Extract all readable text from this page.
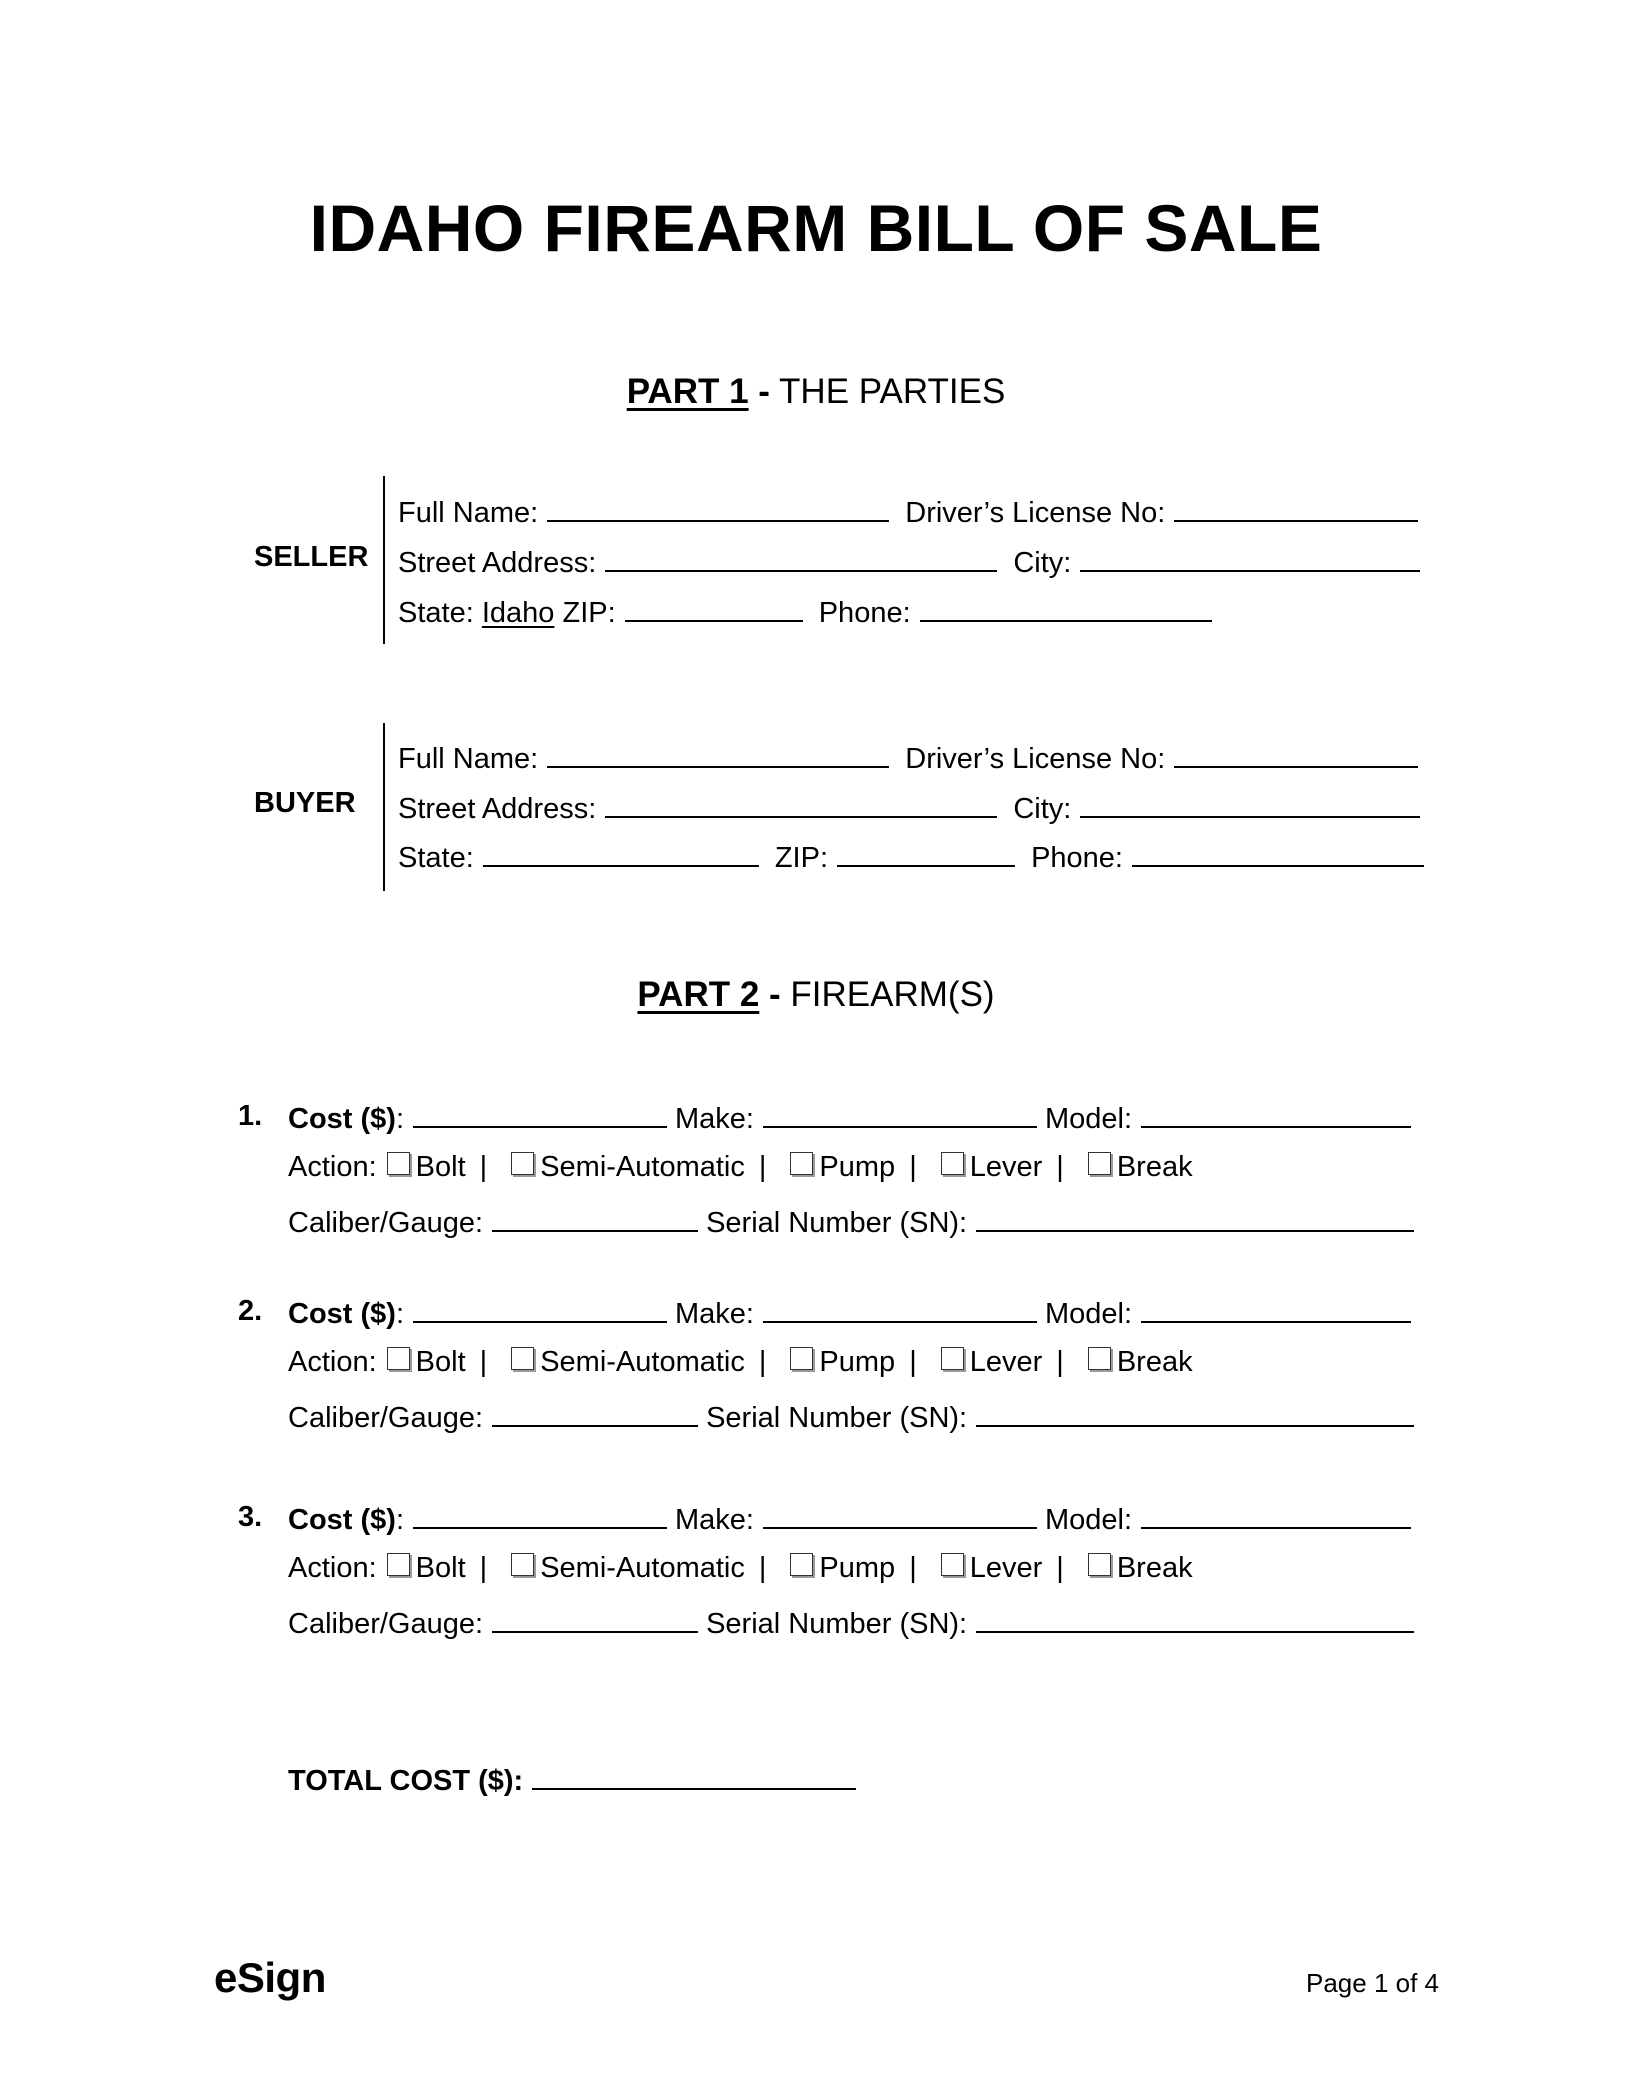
IDAHO FIREARM BILL OF SALE
PART 1 - THE PARTIES
SELLER
Full Name:	Driver’s License No:
Street Address:	City:
State: Idaho ZIP:	Phone:
BUYER
Full Name:	Driver’s License No:
Street Address:	City:
State:	ZIP:	Phone:
PART 2 - FIREARM(S)
1. Cost ($):	Make:	Model:
Action: Bolt | Semi-Automatic | Pump | Lever | Break
Caliber/Gauge:	Serial Number (SN):
2. Cost ($):	Make:	Model:
Action: Bolt | Semi-Automatic | Pump | Lever | Break
Caliber/Gauge:	Serial Number (SN):
3. Cost ($):	Make:	Model:
Action: Bolt | Semi-Automatic | Pump | Lever | Break
Caliber/Gauge:	Serial Number (SN):
TOTAL COST ($):
eSign	Page 1 of 4
